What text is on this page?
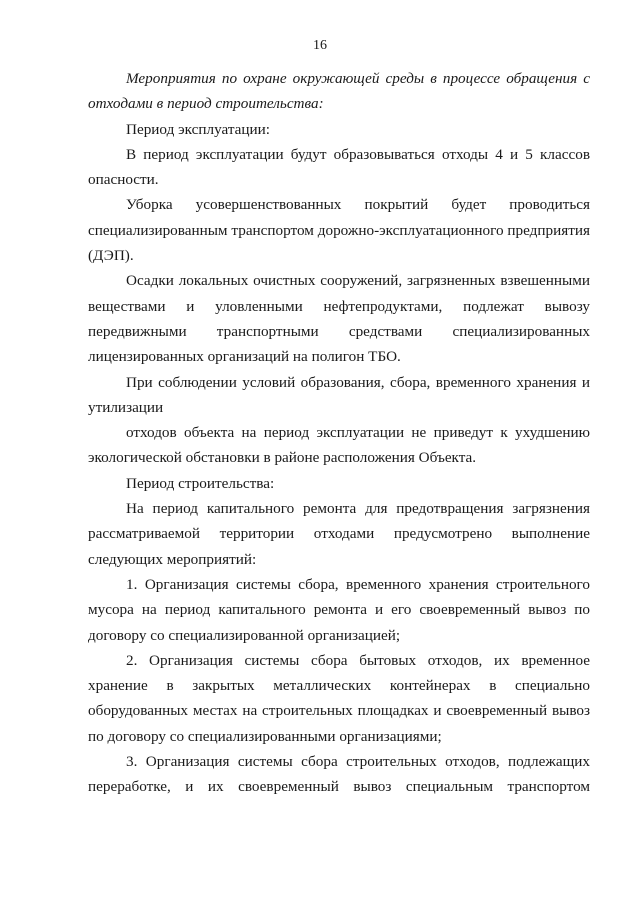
16

Мероприятия по охране окружающей среды в процессе обращения с отходами в период строительства:

Период эксплуатации:

В период эксплуатации будут образовываться отходы 4 и 5 классов опасности.

Уборка усовершенствованных покрытий будет проводиться специализированным транспортом дорожно-эксплуатационного предприятия (ДЭП).

Осадки локальных очистных сооружений, загрязненных взвешенными веществами и уловленными нефтепродуктами, подлежат вывозу передвижными транспортными средствами специализированных лицензированных организаций на полигон ТБО.

При соблюдении условий образования, сбора, временного хранения и утилизации

отходов объекта на период эксплуатации не приведут к ухудшению экологической обстановки в районе расположения Объекта.

Период строительства:

На период капитального ремонта для предотвращения загрязнения рассматриваемой территории отходами предусмотрено выполнение следующих мероприятий:

1. Организация системы сбора, временного хранения строительного мусора на период капитального ремонта и его своевременный вывоз по договору со специализированной организацией;

2. Организация системы сбора бытовых отходов, их временное хранение в закрытых металлических контейнерах в специально оборудованных местах на строительных площадках и своевременный вывоз по договору со специализированными организациями;

3. Организация системы сбора строительных отходов, подлежащих переработке, и их своевременный вывоз специальным транспортом
